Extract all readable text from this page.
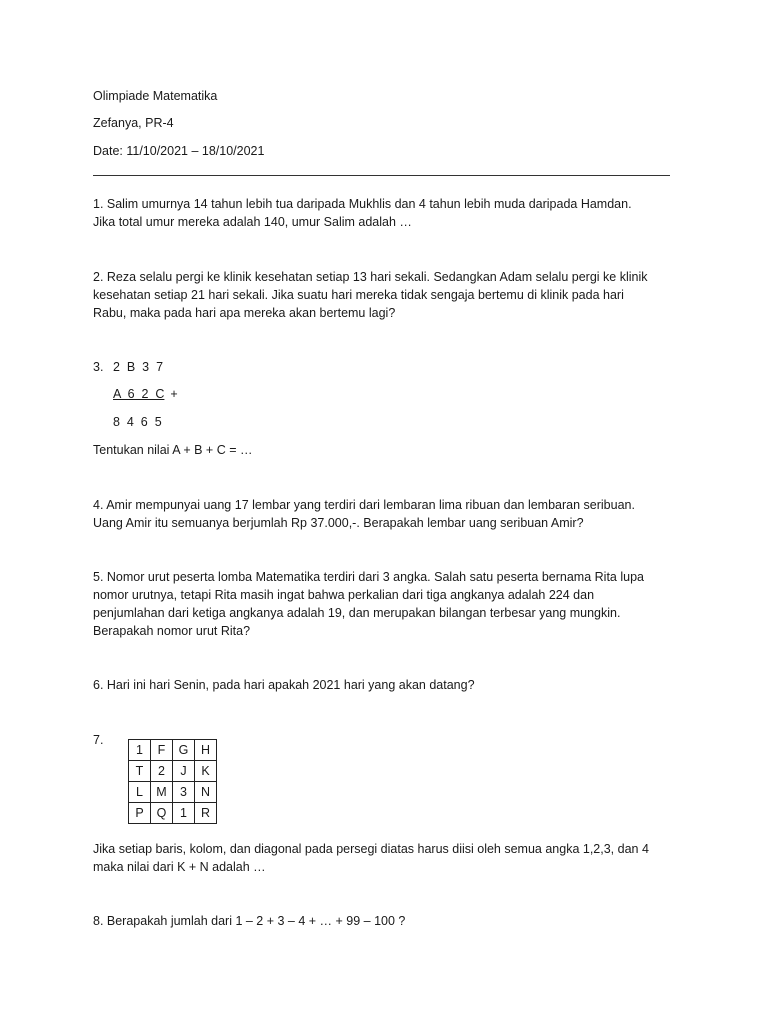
Olimpiade Matematika
Zefanya, PR-4
Date: 11/10/2021 – 18/10/2021
1. Salim umurnya 14 tahun lebih tua daripada Mukhlis dan 4 tahun lebih muda daripada Hamdan.
Jika total umur mereka adalah 140, umur Salim adalah …
2. Reza selalu pergi ke klinik kesehatan setiap 13 hari sekali. Sedangkan Adam selalu pergi ke klinik
kesehatan setiap 21 hari sekali. Jika suatu hari mereka tidak sengaja bertemu di klinik pada hari
Rabu, maka pada hari apa mereka akan bertemu lagi?
3. 2  B  3  7
A  6  2  C +
8  4  6  5
Tentukan nilai A + B + C = …
4. Amir mempunyai uang 17 lembar yang terdiri dari lembaran lima ribuan dan lembaran seribuan.
Uang Amir itu semuanya berjumlah Rp 37.000,-. Berapakah lembar uang seribuan Amir?
5. Nomor urut peserta lomba Matematika terdiri dari 3 angka. Salah satu peserta bernama Rita lupa
nomor urutnya, tetapi Rita masih ingat bahwa perkalian dari tiga angkanya adalah 224 dan
penjumlahan dari ketiga angkanya adalah 19, dan merupakan bilangan terbesar yang mungkin.
Berapakah nomor urut Rita?
6. Hari ini hari Senin, pada hari apakah 2021 hari yang akan datang?
7.
1	F	G	H
T	2	J	K
L	M	3	N
P	Q	1	R
Jika setiap baris, kolom, dan diagonal pada persegi diatas harus diisi oleh semua angka 1,2,3, dan 4
maka nilai dari K + N adalah …
8. Berapakah jumlah dari 1 – 2 + 3 – 4 + … + 99 – 100 ?
